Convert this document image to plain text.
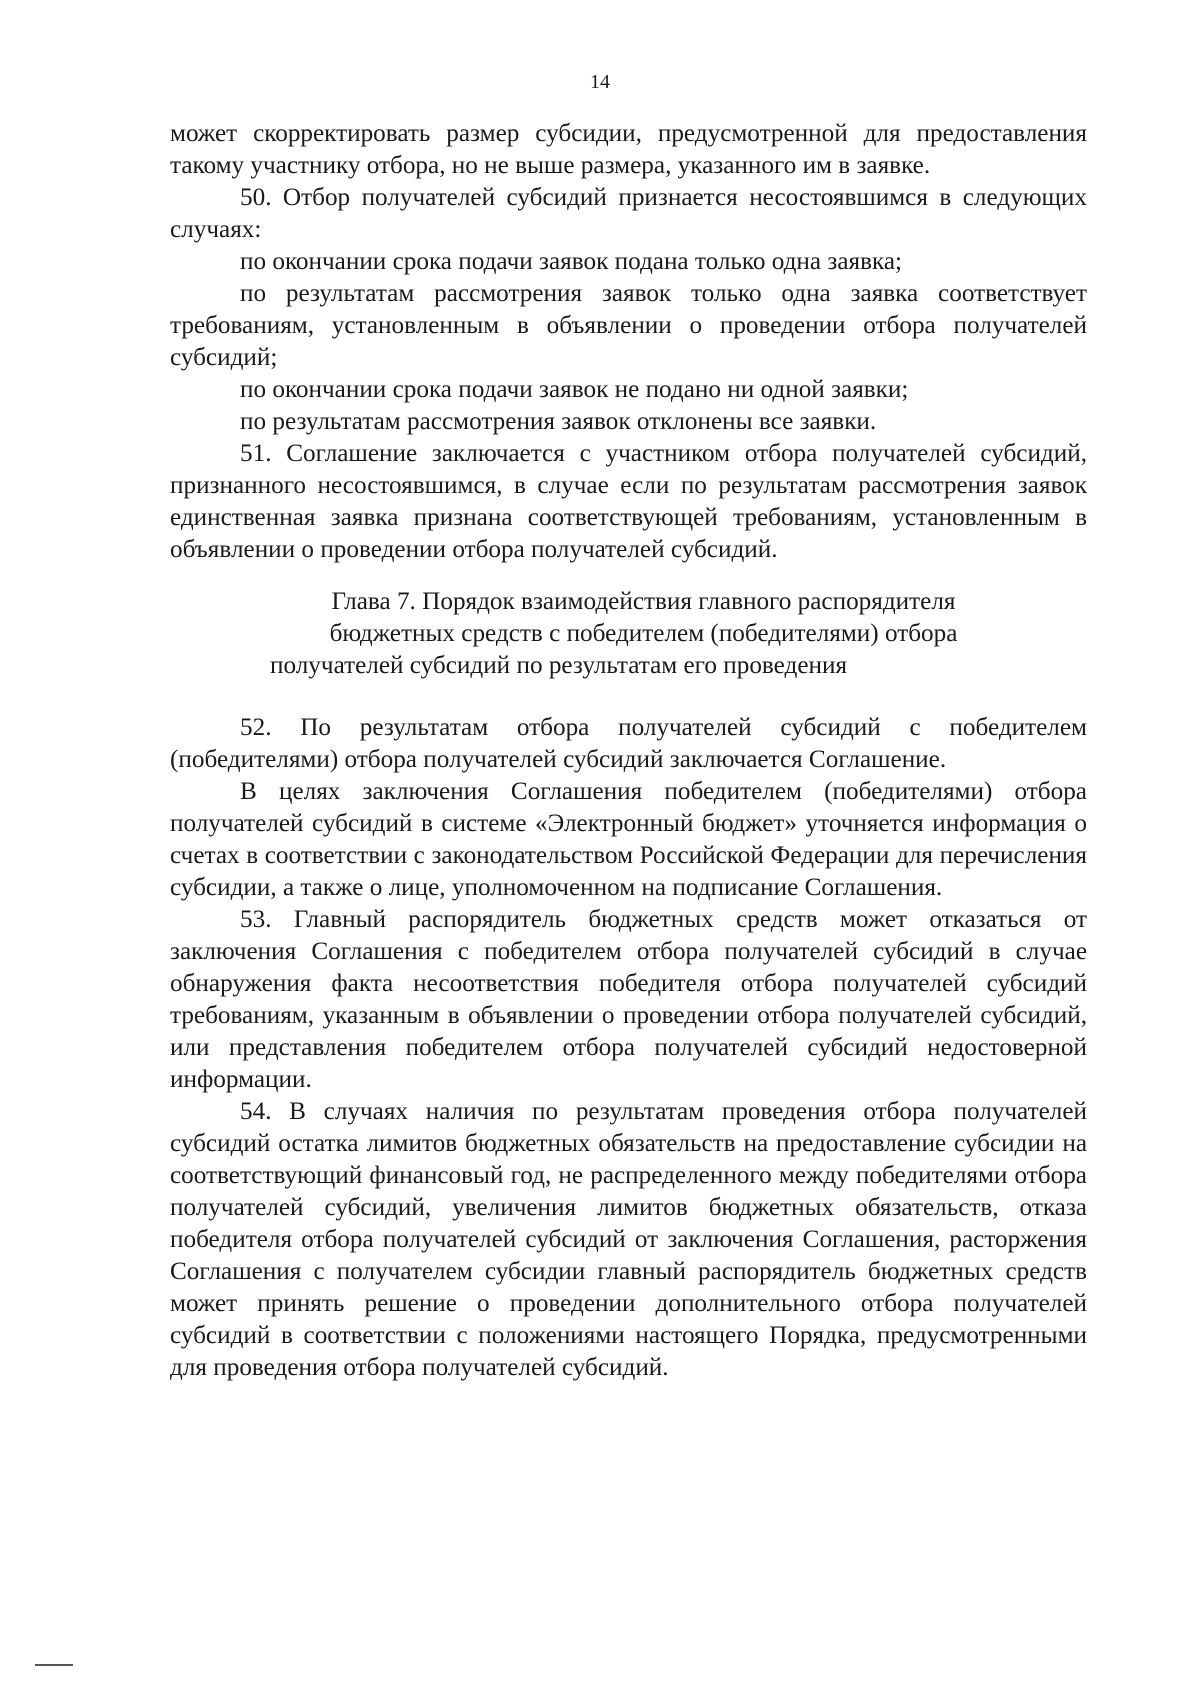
14

может скорректировать размер субсидии, предусмотренной для предоставления такому участнику отбора, но не выше размера, указанного им в заявке.

50. Отбор получателей субсидий признается несостоявшимся в следующих случаях:

по окончании срока подачи заявок подана только одна заявка;

по результатам рассмотрения заявок только одна заявка соответствует требованиям, установленным в объявлении о проведении отбора получателей субсидий;

по окончании срока подачи заявок не подано ни одной заявки;

по результатам рассмотрения заявок отклонены все заявки.

51. Соглашение заключается с участником отбора получателей субсидий, признанного несостоявшимся, в случае если по результатам рассмотрения заявок единственная заявка признана соответствующей требованиям, установленным в объявлении о проведении отбора получателей субсидий.

Глава 7. Порядок взаимодействия главного распорядителя бюджетных средств с победителем (победителями) отбора получателей субсидий по результатам его проведения

52. По результатам отбора получателей субсидий с победителем (победителями) отбора получателей субсидий заключается Соглашение.

В целях заключения Соглашения победителем (победителями) отбора получателей субсидий в системе «Электронный бюджет» уточняется информация о счетах в соответствии с законодательством Российской Федерации для перечисления субсидии, а также о лице, уполномоченном на подписание Соглашения.

53. Главный распорядитель бюджетных средств может отказаться от заключения Соглашения с победителем отбора получателей субсидий в случае обнаружения факта несоответствия победителя отбора получателей субсидий требованиям, указанным в объявлении о проведении отбора получателей субсидий, или представления победителем отбора получателей субсидий недостоверной информации.

54. В случаях наличия по результатам проведения отбора получателей субсидий остатка лимитов бюджетных обязательств на предоставление субсидии на соответствующий финансовый год, не распределенного между победителями отбора получателей субсидий, увеличения лимитов бюджетных обязательств, отказа победителя отбора получателей субсидий от заключения Соглашения, расторжения Соглашения с получателем субсидии главный распорядитель бюджетных средств может принять решение о проведении дополнительного отбора получателей субсидий в соответствии с положениями настоящего Порядка, предусмотренными для проведения отбора получателей субсидий.
